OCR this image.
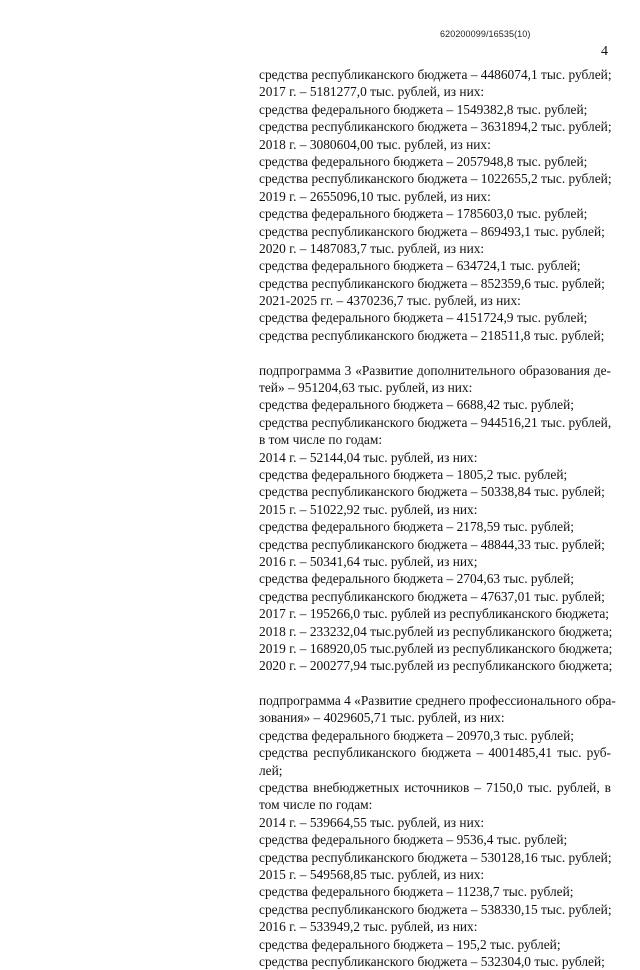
620200099/16535(10)
4
средства республиканского бюджета – 4486074,1 тыс. рублей;
2017 г. – 5181277,0 тыс. рублей, из них:
средства федерального бюджета – 1549382,8 тыс. рублей;
средства республиканского бюджета – 3631894,2 тыс. рублей;
2018 г. – 3080604,00 тыс. рублей, из них:
средства федерального бюджета – 2057948,8 тыс. рублей;
средства республиканского бюджета – 1022655,2 тыс. рублей;
2019 г. – 2655096,10 тыс. рублей, из них:
средства федерального бюджета – 1785603,0 тыс. рублей;
средства республиканского бюджета – 869493,1 тыс. рублей;
2020 г. – 1487083,7 тыс. рублей, из них:
средства федерального бюджета – 634724,1 тыс. рублей;
средства республиканского бюджета – 852359,6 тыс. рублей;
2021-2025 гг. – 4370236,7 тыс. рублей, из них:
средства федерального бюджета – 4151724,9 тыс. рублей;
средства республиканского бюджета – 218511,8 тыс. рублей;
подпрограмма 3 «Развитие дополнительного образования де-
тей» – 951204,63 тыс. рублей, из них:
средства федерального бюджета – 6688,42 тыс. рублей;
средства республиканского бюджета – 944516,21 тыс. рублей,
в том числе по годам:
2014 г. – 52144,04 тыс. рублей, из них:
средства федерального бюджета – 1805,2 тыс. рублей;
средства республиканского бюджета – 50338,84 тыс. рублей;
2015 г. – 51022,92 тыс. рублей, из них:
средства федерального бюджета – 2178,59 тыс. рублей;
средства республиканского бюджета – 48844,33 тыс. рублей;
2016 г. – 50341,64 тыс. рублей, из них;
средства федерального бюджета – 2704,63 тыс. рублей;
средства республиканского бюджета – 47637,01 тыс. рублей;
2017 г. – 195266,0 тыс. рублей из республиканского бюджета;
2018 г. – 233232,04 тыс.рублей из республиканского бюджета;
2019 г. – 168920,05 тыс.рублей из республиканского бюджета;
2020 г. – 200277,94 тыс.рублей из республиканского бюджета;
подпрограмма 4 «Развитие среднего профессионального обра-
зования» – 4029605,71 тыс. рублей, из них:
средства федерального бюджета – 20970,3 тыс. рублей;
средства республиканского бюджета – 4001485,41 тыс. руб-
лей;
средства внебюджетных источников – 7150,0 тыс. рублей, в
том числе по годам:
2014 г. – 539664,55 тыс. рублей, из них:
средства федерального бюджета – 9536,4 тыс. рублей;
средства республиканского бюджета – 530128,16 тыс. рублей;
2015 г. – 549568,85 тыс. рублей, из них:
средства федерального бюджета – 11238,7 тыс. рублей;
средства республиканского бюджета – 538330,15 тыс. рублей;
2016 г. – 533949,2 тыс. рублей, из них:
средства федерального бюджета – 195,2 тыс. рублей;
средства республиканского бюджета – 532304,0 тыс. рублей;
